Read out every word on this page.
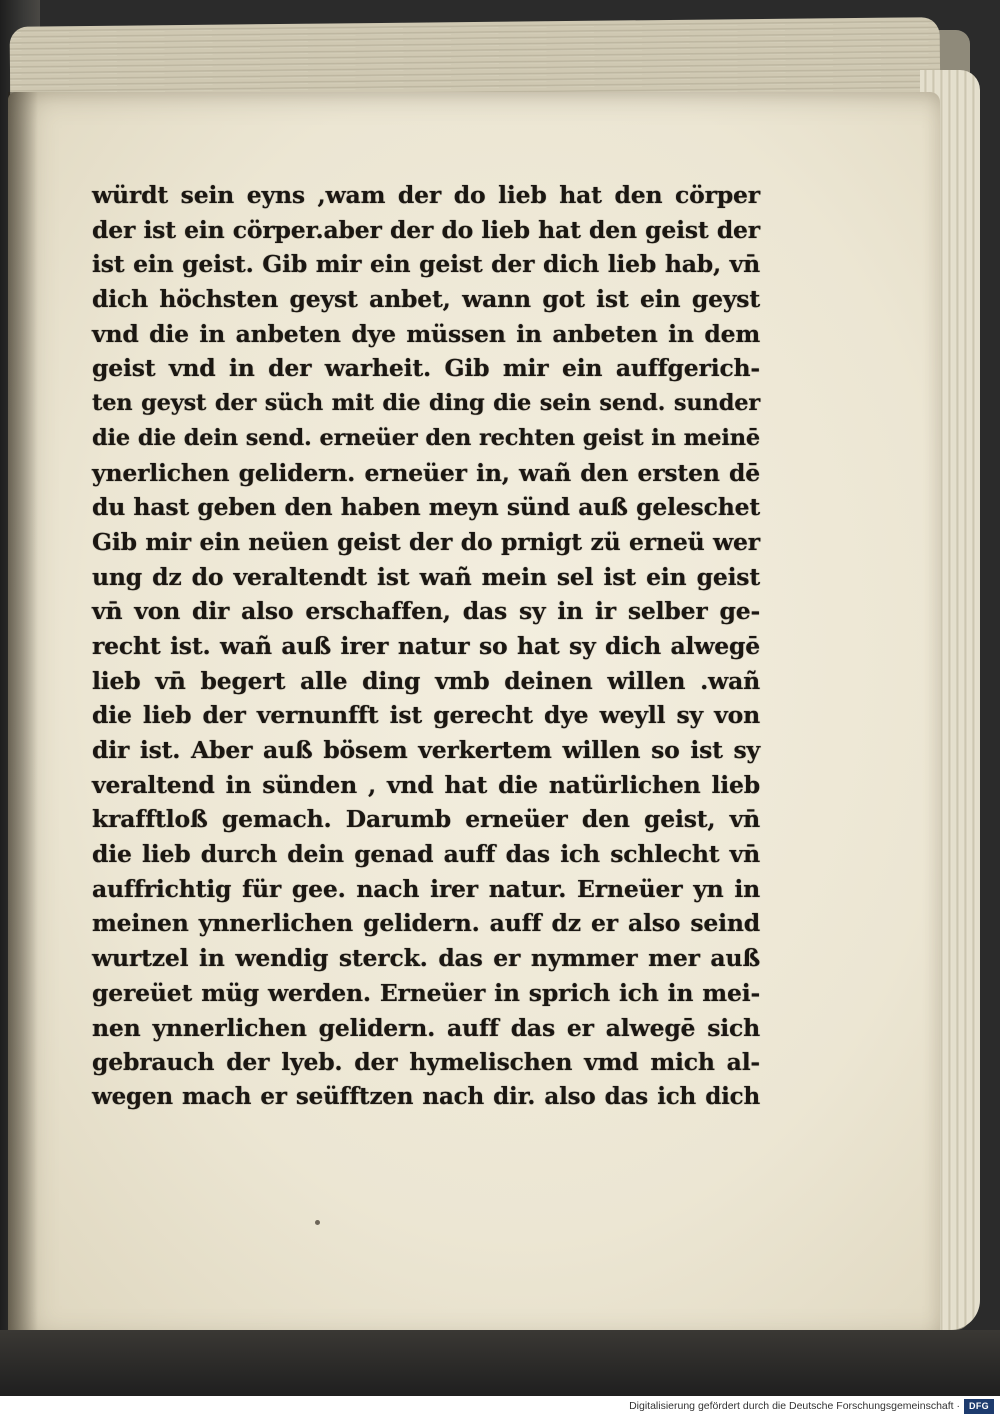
würdt sein eyns ,wam der do lieb hat den cörper
der ist ein cörper.aber der do lieb hat den geist der
ist ein geist. Gib mir ein geist der dich lieb hab, vn̄
dich höchsten geyst anbet, wann got ist ein geyst
vnd die in anbeten dye müssen in anbeten in dem
geist vnd in der warheit. Gib mir ein auffgerich-
ten geyst der süch mit die ding die sein send. sunder
die die dein send. erneüer den rechten geist in meinē
ynerlichen gelidern. erneüer in, wañ den ersten dē
du hast geben den haben meyn sünd auß geleschet
Gib mir ein neüen geist der do prnigt zü erneü wer
ung dz do veraltendt ist wañ mein sel ist ein geist
vn̄ von dir also erschaffen, das sy in ir selber ge-
recht ist. wañ auß irer natur so hat sy dich alwegē
lieb vn̄ begert alle ding vmb deinen willen .wañ
die lieb der vernunfft ist gerecht dye weyll sy von
dir ist. Aber auß bösem verkertem willen so ist sy
veraltend in sünden , vnd hat die natürlichen lieb
krafftloß gemach. Darumb erneüer den geist, vn̄
die lieb durch dein genad auff das ich schlecht vn̄
auffrichtig für gee. nach irer natur. Erneüer yn in
meinen ynnerlichen gelidern. auff dz er also seind
wurtzel in wendig sterck. das er nymmer mer auß
gereüet müg werden. Erneüer in sprich ich in mei-
nen ynnerlichen gelidern. auff das er alwegē sich
gebrauch der lyeb. der hymelischen vmd mich al-
wegen mach er seüfftzen nach dir. also das ich dich
Digitalisierung gefördert durch die Deutsche Forschungsgemeinschaft ·	DFG
